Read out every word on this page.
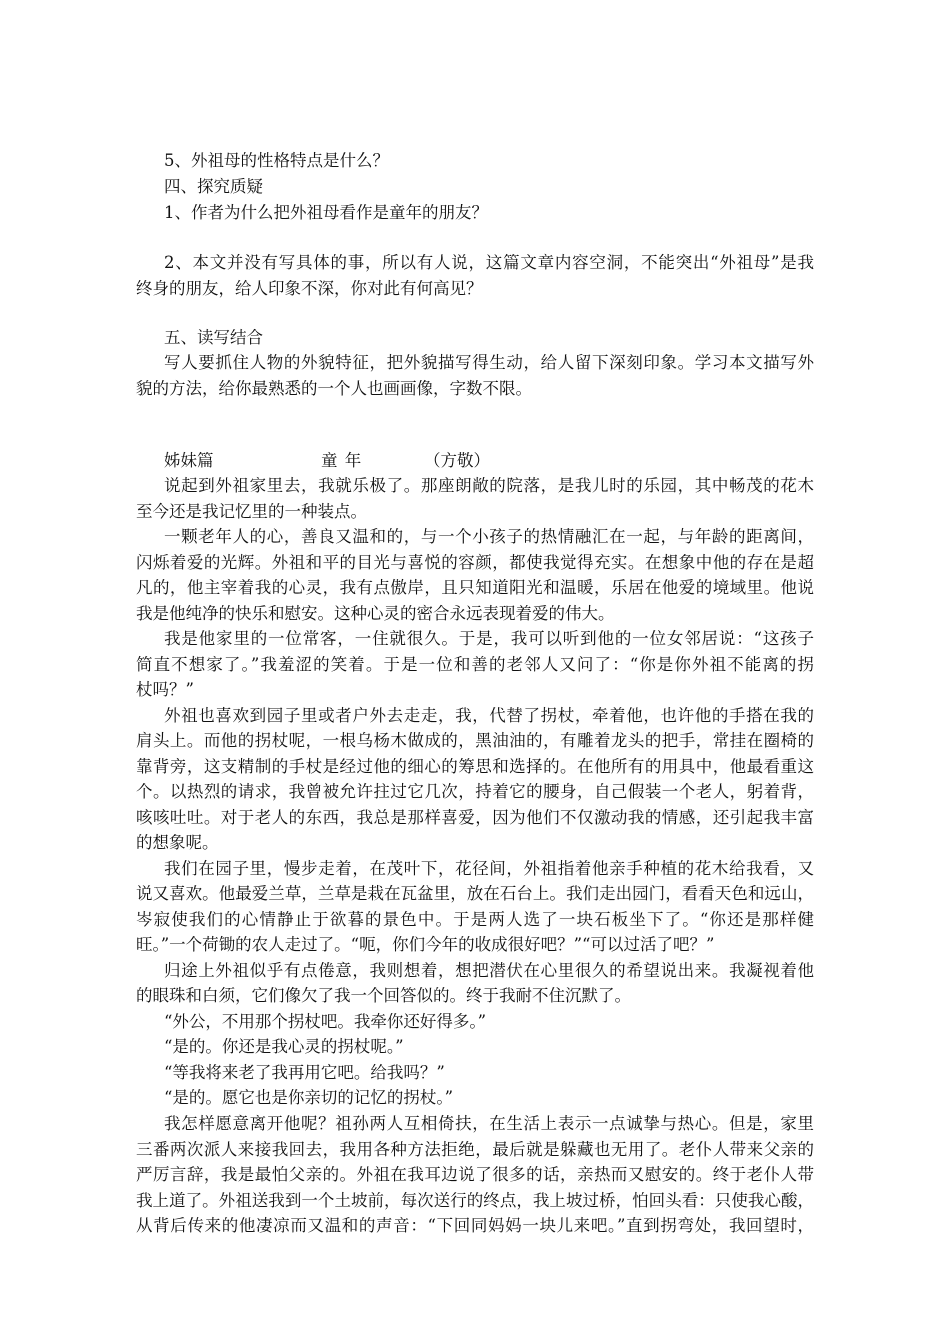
5、外祖母的性格特点是什么？
四、探究质疑
1、作者为什么把外祖母看作是童年的朋友？
2、本文并没有写具体的事，所以有人说，这篇文章内容空洞，不能突出“外祖母”是我
终身的朋友，给人印象不深，你对此有何高见？
五、读写结合
写人要抓住人物的外貌特征，把外貌描写得生动，给人留下深刻印象。学习本文描写外
貌的方法，给你最熟悉的一个人也画画像，字数不限。
姊妹篇	童 年	（方敬）
说起到外祖家里去，我就乐极了。那座朗敞的院落，是我儿时的乐园，其中畅茂的花木
至今还是我记忆里的一种装点。
一颗老年人的心，善良又温和的，与一个小孩子的热情融汇在一起，与年龄的距离间，
闪烁着爱的光辉。外祖和平的目光与喜悦的容颜，都使我觉得充实。在想象中他的存在是超
凡的，他主宰着我的心灵，我有点傲岸，且只知道阳光和温暖，乐居在他爱的境域里。他说
我是他纯净的快乐和慰安。这种心灵的密合永远表现着爱的伟大。
我是他家里的一位常客，一住就很久。于是，我可以听到他的一位女邻居说：“这孩子
简直不想家了。”我羞涩的笑着。于是一位和善的老邻人又问了：“你是你外祖不能离的拐
杖吗？”
外祖也喜欢到园子里或者户外去走走，我，代替了拐杖，牵着他，也许他的手搭在我的
肩头上。而他的拐杖呢，一根乌杨木做成的，黑油油的，有雕着龙头的把手，常挂在圈椅的
靠背旁，这支精制的手杖是经过他的细心的筹思和选择的。在他所有的用具中，他最看重这
个。以热烈的请求，我曾被允许拄过它几次，持着它的腰身，自己假装一个老人，躬着背，
咳咳吐吐。对于老人的东西，我总是那样喜爱，因为他们不仅激动我的情感，还引起我丰富
的想象呢。
我们在园子里，慢步走着，在茂叶下，花径间，外祖指着他亲手种植的花木给我看，又
说又喜欢。他最爱兰草，兰草是栽在瓦盆里，放在石台上。我们走出园门，看看天色和远山，
岑寂使我们的心情静止于欲暮的景色中。于是两人选了一块石板坐下了。“你还是那样健
旺。”一个荷锄的农人走过了。“呃，你们今年的收成很好吧？”“可以过活了吧？”
归途上外祖似乎有点倦意，我则想着，想把潜伏在心里很久的希望说出来。我凝视着他
的眼珠和白须，它们像欠了我一个回答似的。终于我耐不住沉默了。
“外公，不用那个拐杖吧。我牵你还好得多。”
“是的。你还是我心灵的拐杖呢。”
“等我将来老了我再用它吧。给我吗？”
“是的。愿它也是你亲切的记忆的拐杖。”
我怎样愿意离开他呢？祖孙两人互相倚扶，在生活上表示一点诚挚与热心。但是，家里
三番两次派人来接我回去，我用各种方法拒绝，最后就是躲藏也无用了。老仆人带来父亲的
严厉言辞，我是最怕父亲的。外祖在我耳边说了很多的话，亲热而又慰安的。终于老仆人带
我上道了。外祖送我到一个土坡前，每次送行的终点，我上坡过桥，怕回头看：只使我心酸，
从背后传来的他凄凉而又温和的声音：“下回同妈妈一块儿来吧。”直到拐弯处，我回望时，
